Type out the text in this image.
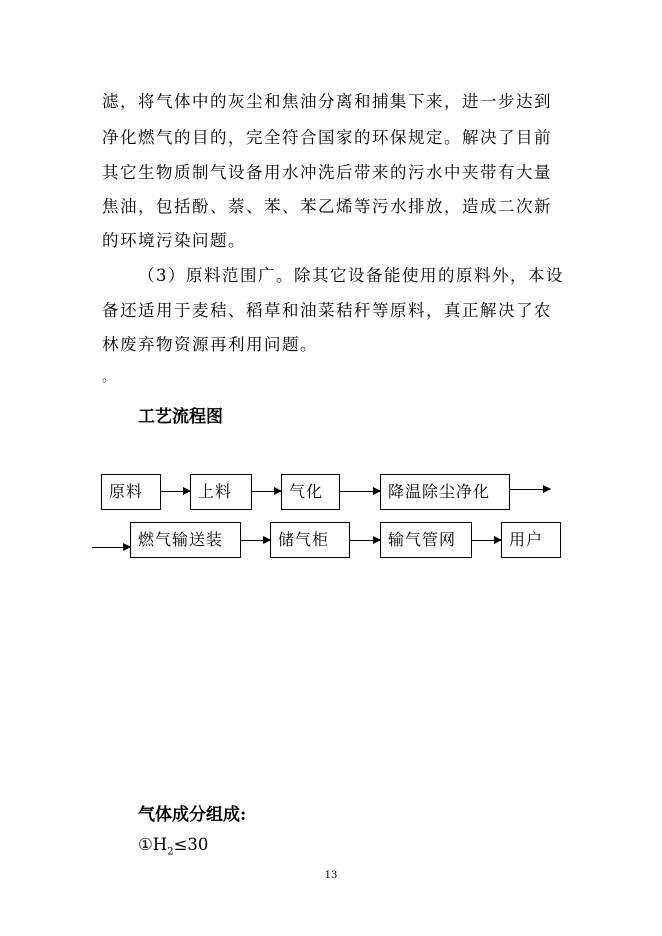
滤，将气体中的灰尘和焦油分离和捕集下来，进一步达到
净化燃气的目的，完全符合国家的环保规定。解决了目前
其它生物质制气设备用水冲洗后带来的污水中夹带有大量
焦油，包括酚、萘、苯、苯乙烯等污水排放，造成二次新
的环境污染问题。
（3）原料范围广。除其它设备能使用的原料外，本设
备还适用于麦秸、稻草和油菜秸秆等原料，真正解决了农
林废弃物资源再利用问题。
。
工艺流程图
原料	上料	气化	降温除尘净化
燃气输送装	储气柜	输气管网	用户
气体成分组成:
$①H_2\le 30$
13
